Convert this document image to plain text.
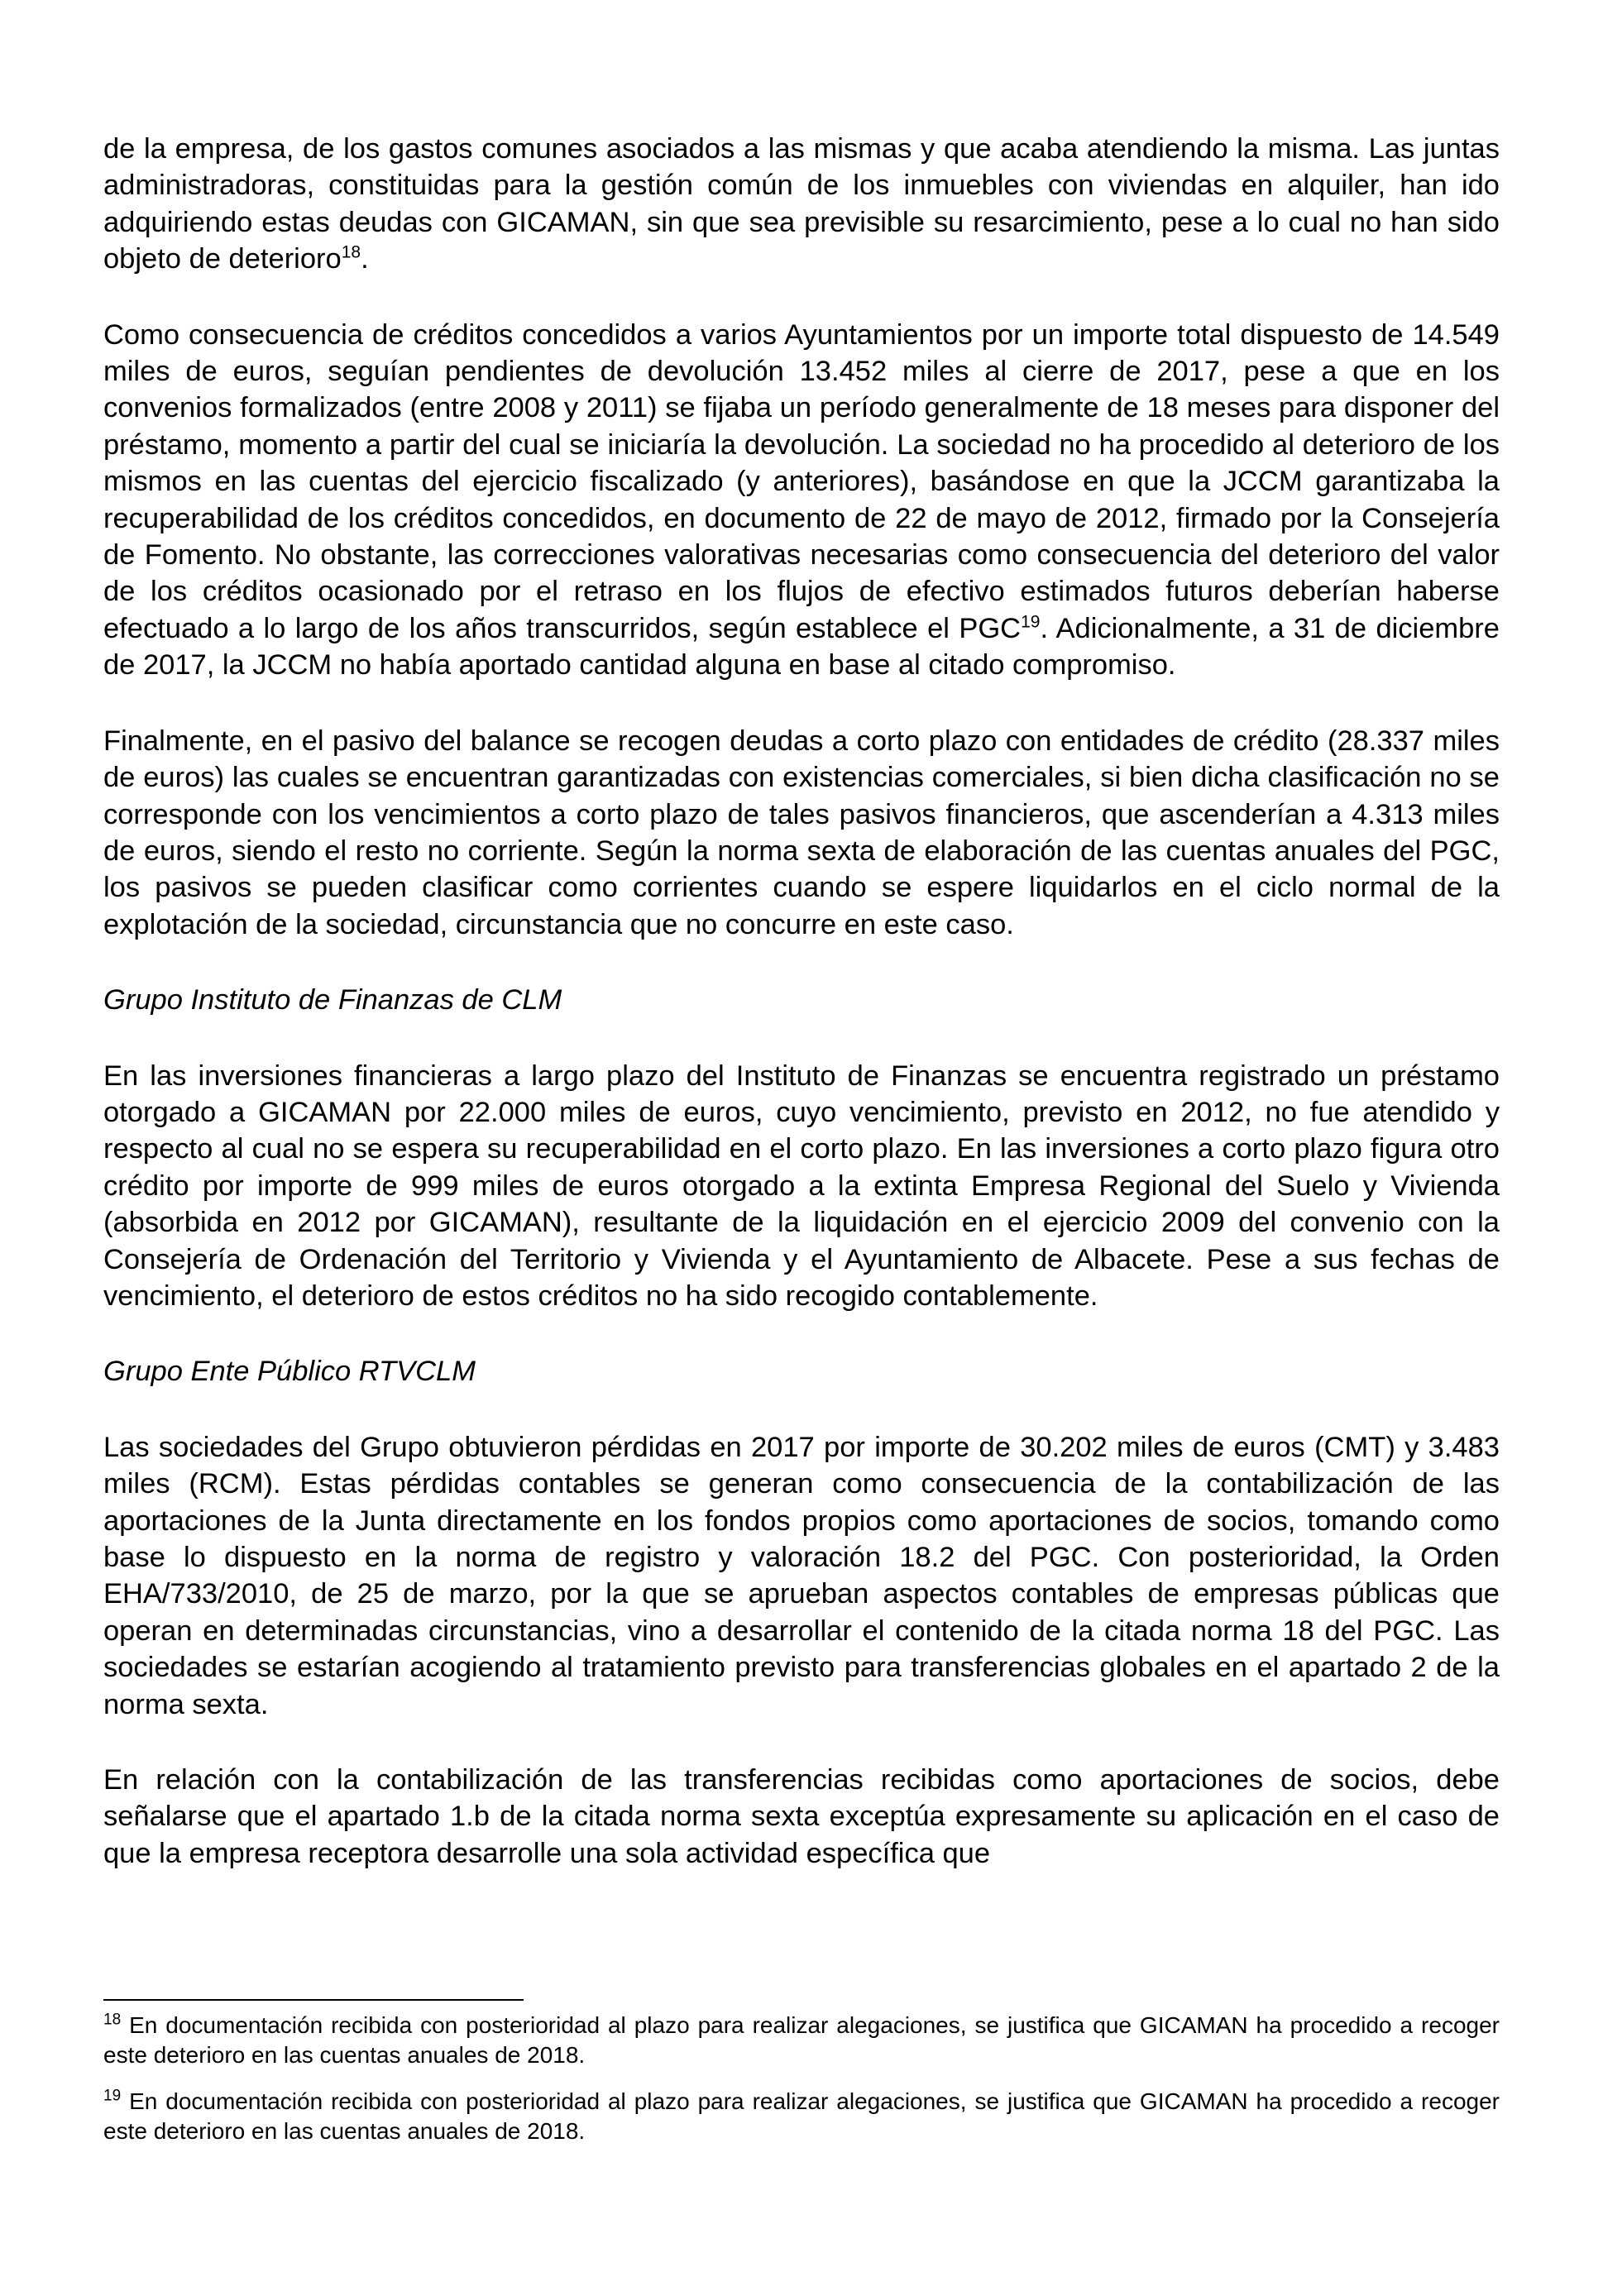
de la empresa, de los gastos comunes asociados a las mismas y que acaba atendiendo la misma. Las juntas administradoras, constituidas para la gestión común de los inmuebles con viviendas en alquiler, han ido adquiriendo estas deudas con GICAMAN, sin que sea previsible su resarcimiento, pese a lo cual no han sido objeto de deterioro$^{18}$.

Como consecuencia de créditos concedidos a varios Ayuntamientos por un importe total dispuesto de 14.549 miles de euros, seguían pendientes de devolución 13.452 miles al cierre de 2017, pese a que en los convenios formalizados (entre 2008 y 2011) se fijaba un período generalmente de 18 meses para disponer del préstamo, momento a partir del cual se iniciaría la devolución. La sociedad no ha procedido al deterioro de los mismos en las cuentas del ejercicio fiscalizado (y anteriores), basándose en que la JCCM garantizaba la recuperabilidad de los créditos concedidos, en documento de 22 de mayo de 2012, firmado por la Consejería de Fomento. No obstante, las correcciones valorativas necesarias como consecuencia del deterioro del valor de los créditos ocasionado por el retraso en los flujos de efectivo estimados futuros deberían haberse efectuado a lo largo de los años transcurridos, según establece el PGC$^{19}$. Adicionalmente, a 31 de diciembre de 2017, la JCCM no había aportado cantidad alguna en base al citado compromiso.

Finalmente, en el pasivo del balance se recogen deudas a corto plazo con entidades de crédito (28.337 miles de euros) las cuales se encuentran garantizadas con existencias comerciales, si bien dicha clasificación no se corresponde con los vencimientos a corto plazo de tales pasivos financieros, que ascenderían a 4.313 miles de euros, siendo el resto no corriente. Según la norma sexta de elaboración de las cuentas anuales del PGC, los pasivos se pueden clasificar como corrientes cuando se espere liquidarlos en el ciclo normal de la explotación de la sociedad, circunstancia que no concurre en este caso.

Grupo Instituto de Finanzas de CLM

En las inversiones financieras a largo plazo del Instituto de Finanzas se encuentra registrado un préstamo otorgado a GICAMAN por 22.000 miles de euros, cuyo vencimiento, previsto en 2012, no fue atendido y respecto al cual no se espera su recuperabilidad en el corto plazo. En las inversiones a corto plazo figura otro crédito por importe de 999 miles de euros otorgado a la extinta Empresa Regional del Suelo y Vivienda (absorbida en 2012 por GICAMAN), resultante de la liquidación en el ejercicio 2009 del convenio con la Consejería de Ordenación del Territorio y Vivienda y el Ayuntamiento de Albacete. Pese a sus fechas de vencimiento, el deterioro de estos créditos no ha sido recogido contablemente.

Grupo Ente Público RTVCLM

Las sociedades del Grupo obtuvieron pérdidas en 2017 por importe de 30.202 miles de euros (CMT) y 3.483 miles (RCM). Estas pérdidas contables se generan como consecuencia de la contabilización de las aportaciones de la Junta directamente en los fondos propios como aportaciones de socios, tomando como base lo dispuesto en la norma de registro y valoración 18.2 del PGC. Con posterioridad, la Orden EHA/733/2010, de 25 de marzo, por la que se aprueban aspectos contables de empresas públicas que operan en determinadas circunstancias, vino a desarrollar el contenido de la citada norma 18 del PGC. Las sociedades se estarían acogiendo al tratamiento previsto para transferencias globales en el apartado 2 de la norma sexta.

En relación con la contabilización de las transferencias recibidas como aportaciones de socios, debe señalarse que el apartado 1.b de la citada norma sexta exceptúa expresamente su aplicación en el caso de que la empresa receptora desarrolle una sola actividad específica que

$^{18}$ En documentación recibida con posterioridad al plazo para realizar alegaciones, se justifica que GICAMAN ha procedido a recoger este deterioro en las cuentas anuales de 2018.

$^{19}$ En documentación recibida con posterioridad al plazo para realizar alegaciones, se justifica que GICAMAN ha procedido a recoger este deterioro en las cuentas anuales de 2018.
